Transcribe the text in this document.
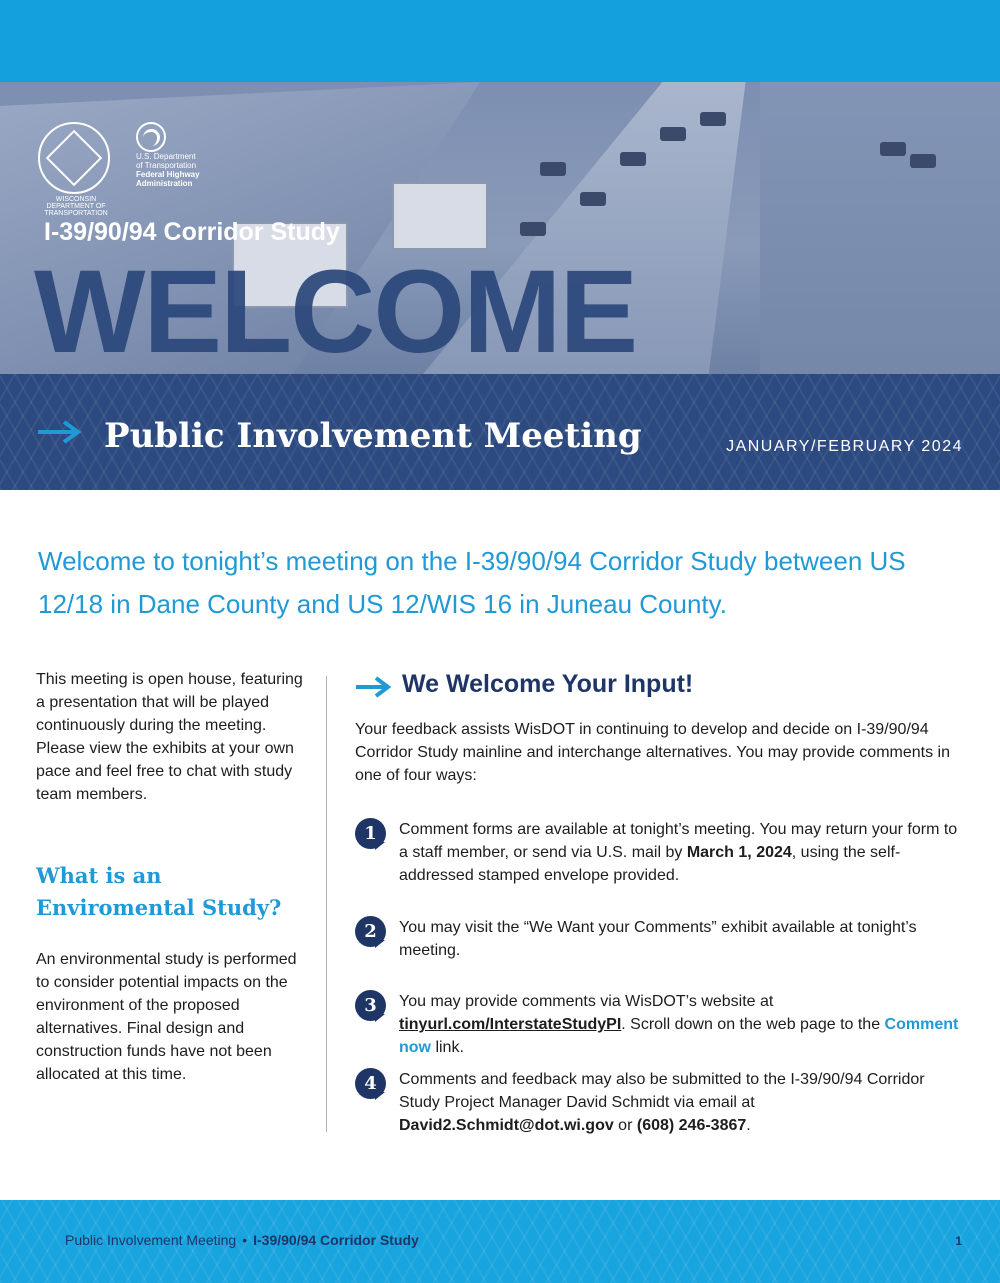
WISCONSIN DEPARTMENT OF TRANSPORTATION
U.S. Department
of Transportation
Federal Highway
Administration
I-39/90/94 Corridor Study
WELCOME
Public Involvement Meeting	JANUARY/FEBRUARY 2024
Welcome to tonight’s meeting on the I-39/90/94 Corridor Study between US 12/18 in Dane County and US 12/WIS 16 in Juneau County.

This meeting is open house, featuring a presentation that will be played continuously during the meeting. Please view the exhibits at your own pace and feel free to chat with study team members.

What is an
Enviromental Study?

An environmental study is performed to consider potential impacts on the environment of the proposed alternatives. Final design and construction funds have not been allocated at this time.

We Welcome Your Input!

Your feedback assists WisDOT in continuing to develop and decide on I-39/90/94 Corridor Study mainline and interchange alternatives. You may provide comments in one of four ways:

1	Comment forms are available at tonight’s meeting. You may return your form to a staff member, or send via U.S. mail by March 1, 2024, using the self-addressed stamped envelope provided.

2	You may visit the “We Want your Comments” exhibit available at tonight’s meeting.

3	You may provide comments via WisDOT’s website at tinyurl.com/InterstateStudyPI. Scroll down on the web page to the Comment now link.

4	Comments and feedback may also be submitted to the I-39/90/94 Corridor Study Project Manager David Schmidt via email at David2.Schmidt@dot.wi.gov or (608) 246-3867.

Public Involvement Meeting • I-39/90/94 Corridor Study	1
